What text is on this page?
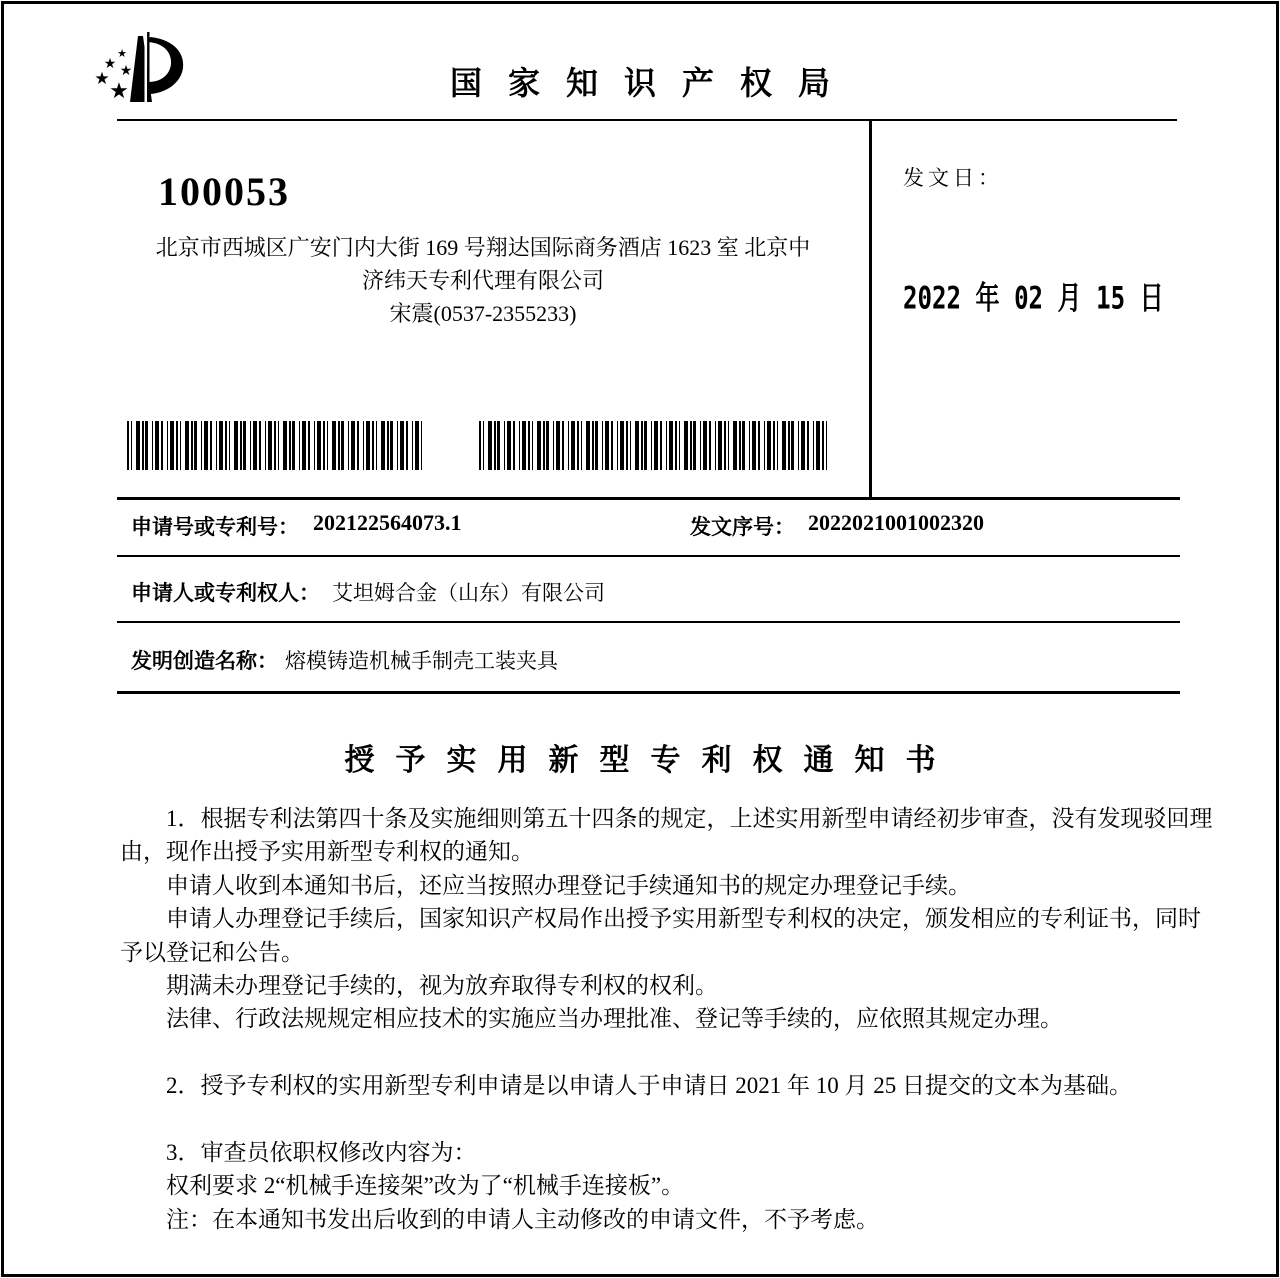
★
★ ★
★ ★	国家知识产权局
100053
北京市西城区广安门内大街 169 号翔达国际商务酒店 1623 室 北京中
济纬天专利代理有限公司
宋震(0537-2355233)
发文日：
2022 年 02 月 15 日
申请号或专利号： 202122564073.1	发文序号： 2022021001002320
申请人或专利权人： 艾坦姆合金（山东）有限公司
发明创造名称： 熔模铸造机械手制壳工装夹具
授予实用新型专利权通知书
1．根据专利法第四十条及实施细则第五十四条的规定，上述实用新型申请经初步审查，没有发现驳回理
由，现作出授予实用新型专利权的通知。
申请人收到本通知书后，还应当按照办理登记手续通知书的规定办理登记手续。
申请人办理登记手续后，国家知识产权局作出授予实用新型专利权的决定，颁发相应的专利证书，同时
予以登记和公告。
期满未办理登记手续的，视为放弃取得专利权的权利。
法律、行政法规规定相应技术的实施应当办理批准、登记等手续的，应依照其规定办理。
2．授予专利权的实用新型专利申请是以申请人于申请日 2021 年 10 月 25 日提交的文本为基础。
3．审查员依职权修改内容为：
权利要求 2“机械手连接架”改为了“机械手连接板”。
注：在本通知书发出后收到的申请人主动修改的申请文件，不予考虑。
